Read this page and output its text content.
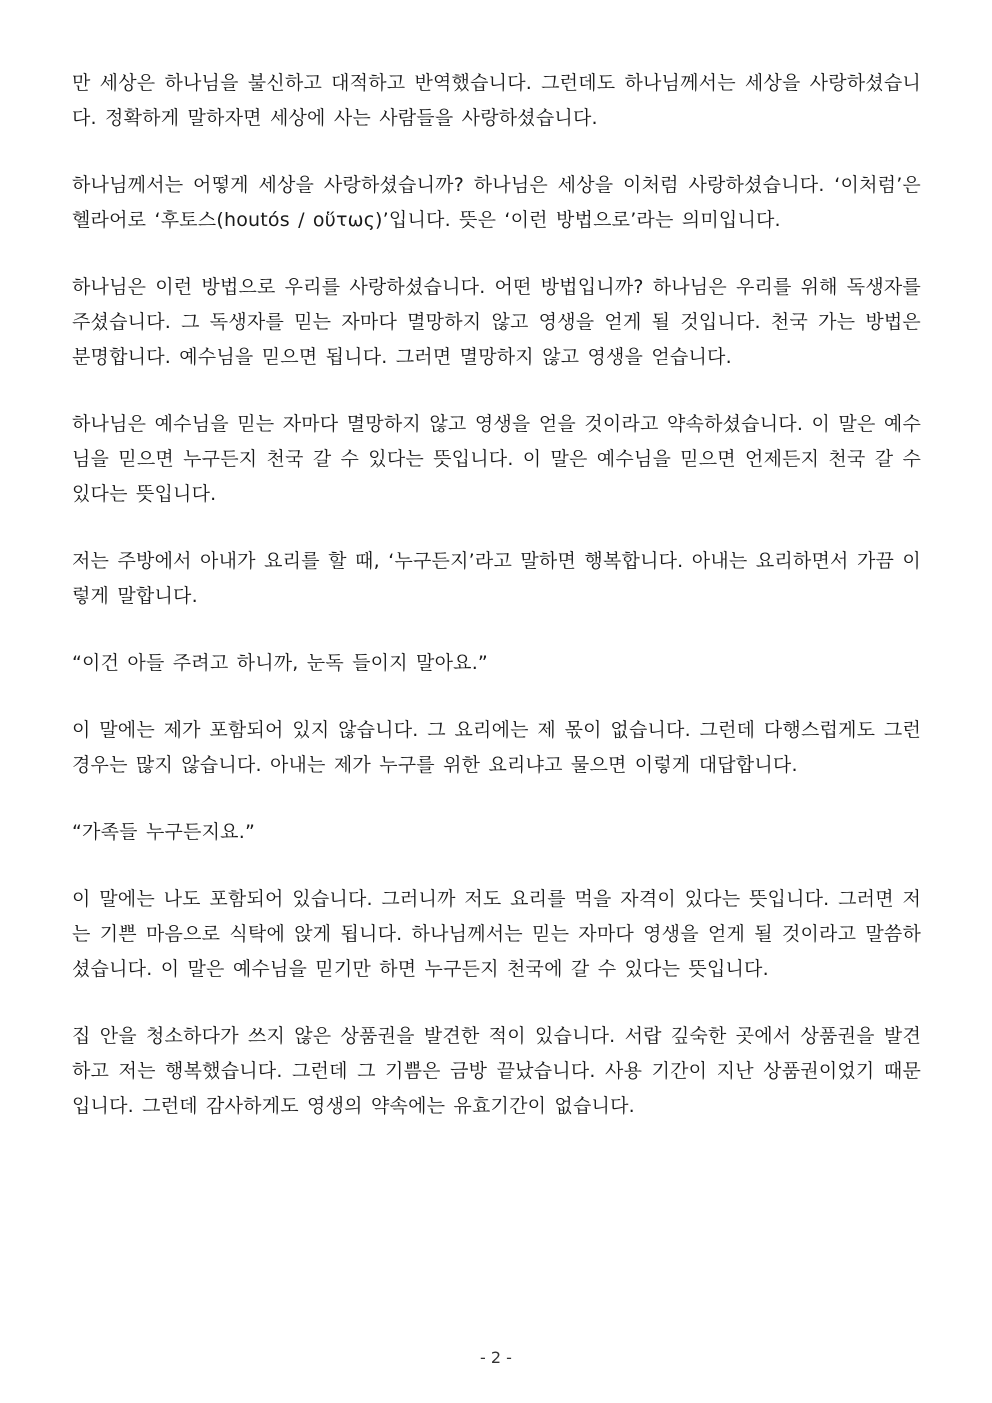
만 세상은 하나님을 불신하고 대적하고 반역했습니다. 그런데도 하나님께서는 세상을 사랑하셨습니다. 정확하게 말하자면 세상에 사는 사람들을 사랑하셨습니다.

하나님께서는 어떻게 세상을 사랑하셨습니까? 하나님은 세상을 이처럼 사랑하셨습니다. ‘이처럼’은 헬라어로 ‘후토스(houtós / οὕτως)’입니다. 뜻은 ‘이런 방법으로’라는 의미입니다.

하나님은 이런 방법으로 우리를 사랑하셨습니다. 어떤 방법입니까? 하나님은 우리를 위해 독생자를 주셨습니다. 그 독생자를 믿는 자마다 멸망하지 않고 영생을 얻게 될 것입니다. 천국 가는 방법은 분명합니다. 예수님을 믿으면 됩니다. 그러면 멸망하지 않고 영생을 얻습니다.

하나님은 예수님을 믿는 자마다 멸망하지 않고 영생을 얻을 것이라고 약속하셨습니다. 이 말은 예수님을 믿으면 누구든지 천국 갈 수 있다는 뜻입니다. 이 말은 예수님을 믿으면 언제든지 천국 갈 수 있다는 뜻입니다.

저는 주방에서 아내가 요리를 할 때, ‘누구든지’라고 말하면 행복합니다. 아내는 요리하면서 가끔 이렇게 말합니다.

“이건 아들 주려고 하니까, 눈독 들이지 말아요.”

이 말에는 제가 포함되어 있지 않습니다. 그 요리에는 제 몫이 없습니다. 그런데 다행스럽게도 그런 경우는 많지 않습니다. 아내는 제가 누구를 위한 요리냐고 물으면 이렇게 대답합니다.

“가족들 누구든지요.”

이 말에는 나도 포함되어 있습니다. 그러니까 저도 요리를 먹을 자격이 있다는 뜻입니다. 그러면 저는 기쁜 마음으로 식탁에 앉게 됩니다. 하나님께서는 믿는 자마다 영생을 얻게 될 것이라고 말씀하셨습니다. 이 말은 예수님을 믿기만 하면 누구든지 천국에 갈 수 있다는 뜻입니다.

집 안을 청소하다가 쓰지 않은 상품권을 발견한 적이 있습니다. 서랍 깊숙한 곳에서 상품권을 발견하고 저는 행복했습니다. 그런데 그 기쁨은 금방 끝났습니다. 사용 기간이 지난 상품권이었기 때문입니다. 그런데 감사하게도 영생의 약속에는 유효기간이 없습니다.

- 2 -
